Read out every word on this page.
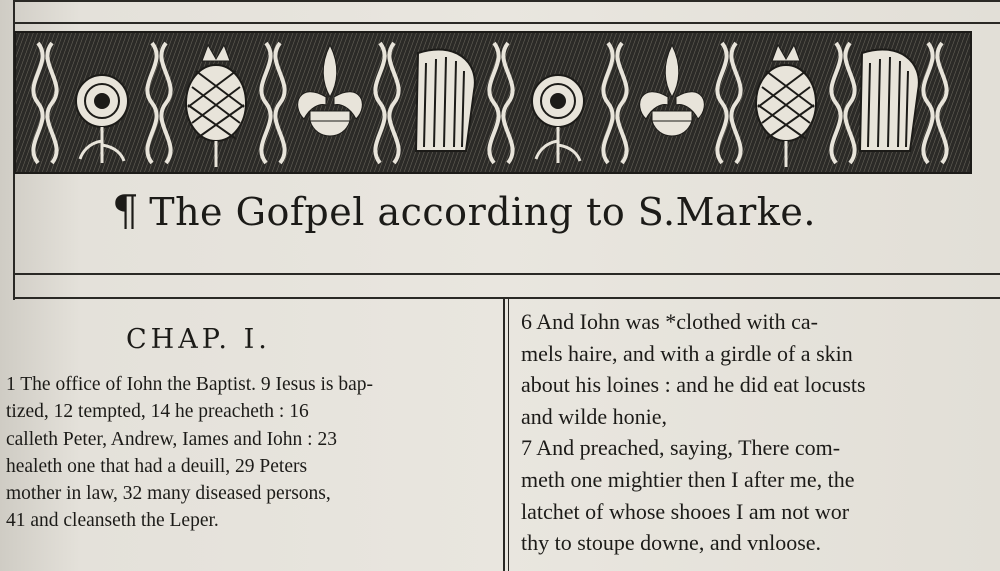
¶ The Gofpel according to S.Marke.
CHAP. I.
1 The office of Iohn the Baptist. 9 Iesus is bap-
tized, 12 tempted, 14 he preacheth : 16
calleth Peter, Andrew, Iames and Iohn : 23
healeth one that had a deuill, 29 Peters
mother in law, 32 many diseased persons,
41 and cleanseth the Leper.
6 And Iohn was *clothed with ca-
mels haire, and with a girdle of a skin
about his loines : and he did eat locusts
and wilde honie,
7 And preached, saying, There com-
meth one mightier then I after me, the
latchet of whose shooes I am not wor
thy to stoupe downe, and vnloose.
